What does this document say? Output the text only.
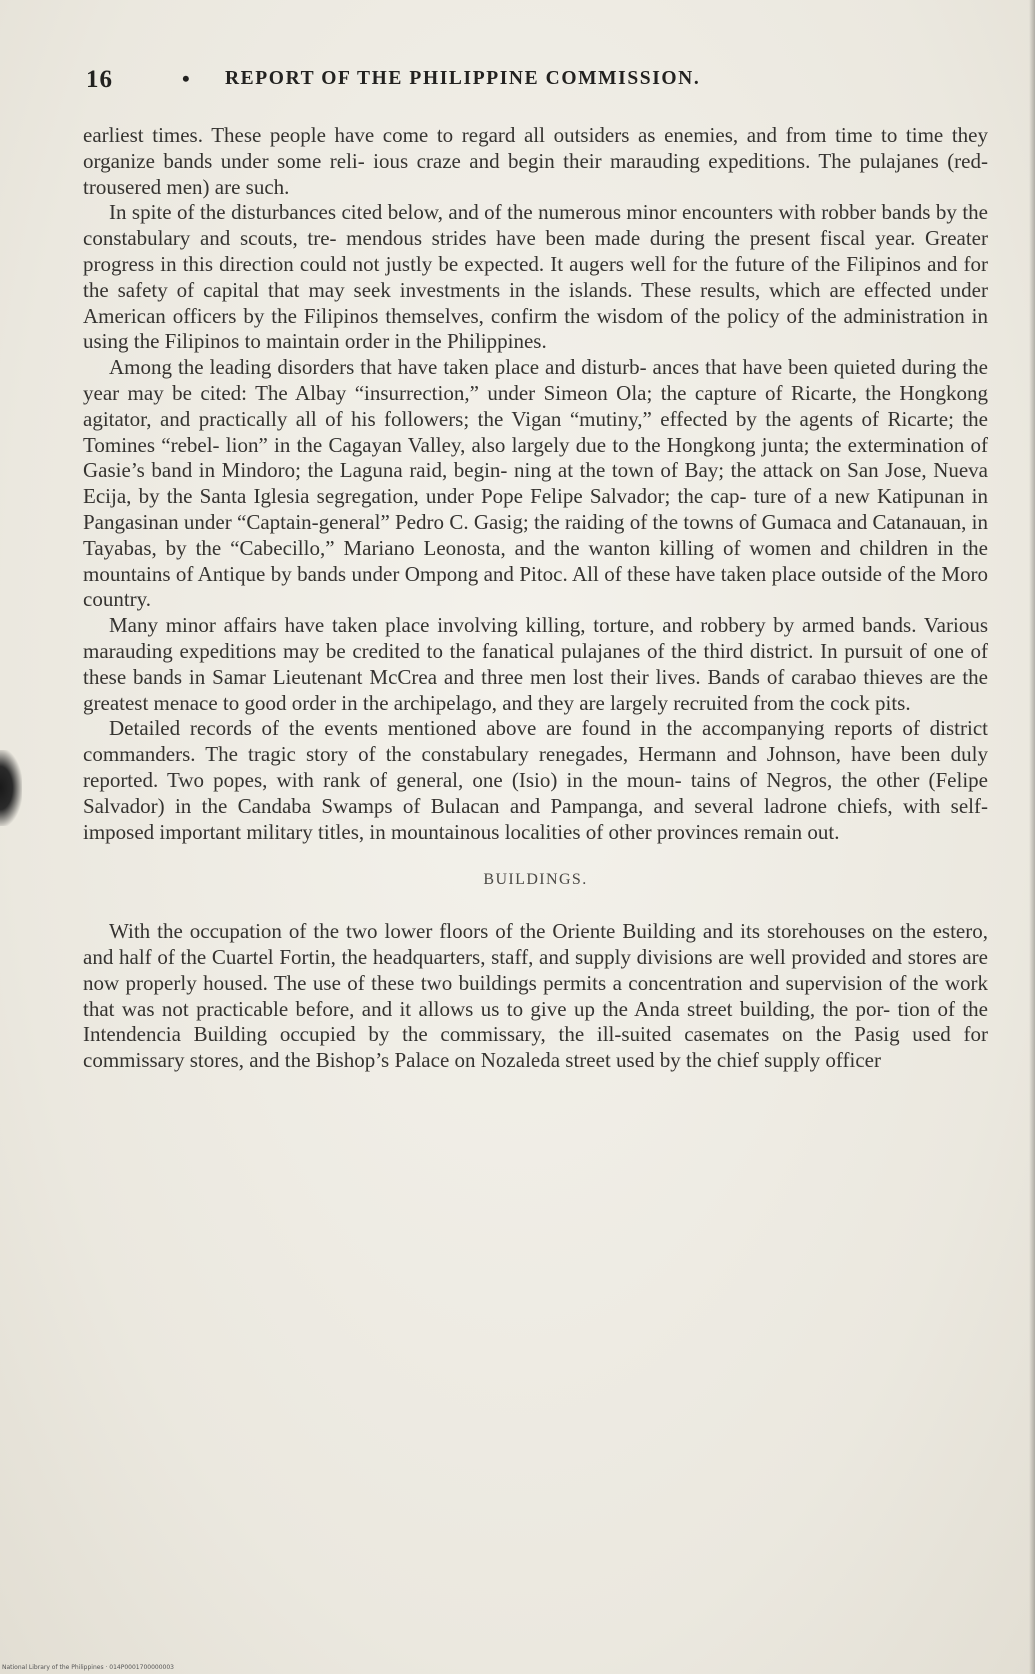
16	• REPORT OF THE PHILIPPINE COMMISSION.

earliest times. These people have come to regard all outsiders as enemies, and from time to time they organize bands under some reli- ious craze and begin their marauding expeditions. The pulajanes (red-trousered men) are such.

In spite of the disturbances cited below, and of the numerous minor encounters with robber bands by the constabulary and scouts, tre- mendous strides have been made during the present fiscal year. Greater progress in this direction could not justly be expected. It augers well for the future of the Filipinos and for the safety of capital that may seek investments in the islands. These results, which are effected under American officers by the Filipinos themselves, confirm the wisdom of the policy of the administration in using the Filipinos to maintain order in the Philippines.

Among the leading disorders that have taken place and disturb- ances that have been quieted during the year may be cited: The Albay “insurrection,” under Simeon Ola; the capture of Ricarte, the Hongkong agitator, and practically all of his followers; the Vigan “mutiny,” effected by the agents of Ricarte; the Tomines “rebel- lion” in the Cagayan Valley, also largely due to the Hongkong junta; the extermination of Gasie’s band in Mindoro; the Laguna raid, begin- ning at the town of Bay; the attack on San Jose, Nueva Ecija, by the Santa Iglesia segregation, under Pope Felipe Salvador; the cap- ture of a new Katipunan in Pangasinan under “Captain-general” Pedro C. Gasig; the raiding of the towns of Gumaca and Catanauan, in Tayabas, by the “Cabecillo,” Mariano Leonosta, and the wanton killing of women and children in the mountains of Antique by bands under Ompong and Pitoc. All of these have taken place outside of the Moro country.

Many minor affairs have taken place involving killing, torture, and robbery by armed bands. Various marauding expeditions may be credited to the fanatical pulajanes of the third district. In pursuit of one of these bands in Samar Lieutenant McCrea and three men lost their lives. Bands of carabao thieves are the greatest menace to good order in the archipelago, and they are largely recruited from the cock pits.

Detailed records of the events mentioned above are found in the accompanying reports of district commanders. The tragic story of the constabulary renegades, Hermann and Johnson, have been duly reported. Two popes, with rank of general, one (Isio) in the moun- tains of Negros, the other (Felipe Salvador) in the Candaba Swamps of Bulacan and Pampanga, and several ladrone chiefs, with self- imposed important military titles, in mountainous localities of other provinces remain out.

BUILDINGS.

With the occupation of the two lower floors of the Oriente Building and its storehouses on the estero, and half of the Cuartel Fortin, the headquarters, staff, and supply divisions are well provided and stores are now properly housed. The use of these two buildings permits a concentration and supervision of the work that was not practicable before, and it allows us to give up the Anda street building, the por- tion of the Intendencia Building occupied by the commissary, the ill-suited casemates on the Pasig used for commissary stores, and the Bishop’s Palace on Nozaleda street used by the chief supply officer

National Library of the Philippines · 014P0001700000003
